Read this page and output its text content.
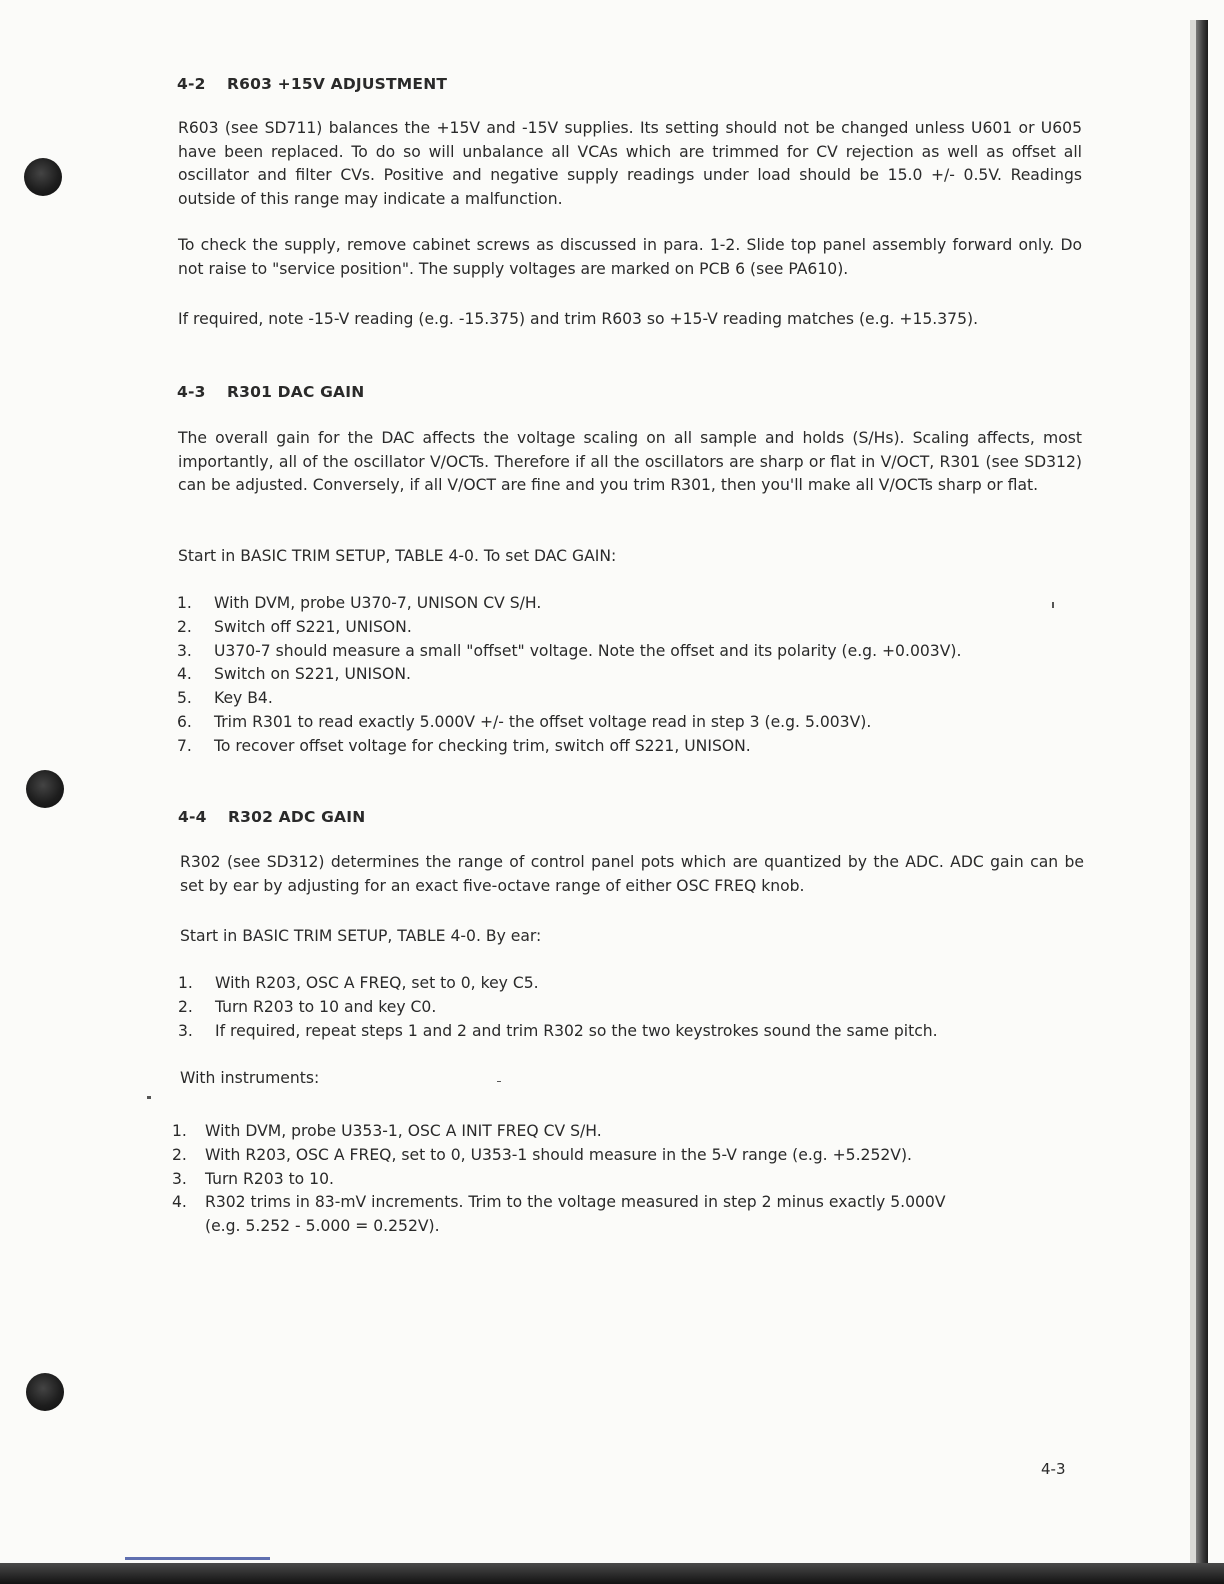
4-2 R603 +15V ADJUSTMENT
R603 (see SD711) balances the +15V and -15V supplies. Its setting should not be changed unless U601 or U605 have been replaced. To do so will unbalance all VCAs which are trimmed for CV rejection as well as offset all oscillator and filter CVs. Positive and negative supply readings under load should be 15.0 +/- 0.5V. Readings outside of this range may indicate a malfunction.
To check the supply, remove cabinet screws as discussed in para. 1-2. Slide top panel assembly forward only. Do not raise to "service position". The supply voltages are marked on PCB 6 (see PA610).
If required, note -15-V reading (e.g. -15.375) and trim R603 so +15-V reading matches (e.g. +15.375).
4-3 R301 DAC GAIN
The overall gain for the DAC affects the voltage scaling on all sample and holds (S/Hs). Scaling affects, most importantly, all of the oscillator V/OCTs. Therefore if all the oscillators are sharp or flat in V/OCT, R301 (see SD312) can be adjusted. Conversely, if all V/OCT are fine and you trim R301, then you'll make all V/OCTs sharp or flat.
Start in BASIC TRIM SETUP, TABLE 4-0. To set DAC GAIN:
1. With DVM, probe U370-7, UNISON CV S/H.
2. Switch off S221, UNISON.
3. U370-7 should measure a small "offset" voltage. Note the offset and its polarity (e.g. +0.003V).
4. Switch on S221, UNISON.
5. Key B4.
6. Trim R301 to read exactly 5.000V +/- the offset voltage read in step 3 (e.g. 5.003V).
7. To recover offset voltage for checking trim, switch off S221, UNISON.
4-4 R302 ADC GAIN
R302 (see SD312) determines the range of control panel pots which are quantized by the ADC. ADC gain can be set by ear by adjusting for an exact five-octave range of either OSC FREQ knob.
Start in BASIC TRIM SETUP, TABLE 4-0. By ear:
1. With R203, OSC A FREQ, set to 0, key C5.
2. Turn R203 to 10 and key C0.
3. If required, repeat steps 1 and 2 and trim R302 so the two keystrokes sound the same pitch.
With instruments:
1. With DVM, probe U353-1, OSC A INIT FREQ CV S/H.
2. With R203, OSC A FREQ, set to 0, U353-1 should measure in the 5-V range (e.g. +5.252V).
3. Turn R203 to 10.
4. R302 trims in 83-mV increments. Trim to the voltage measured in step 2 minus exactly 5.000V
(e.g. 5.252 - 5.000 = 0.252V).
4-3
